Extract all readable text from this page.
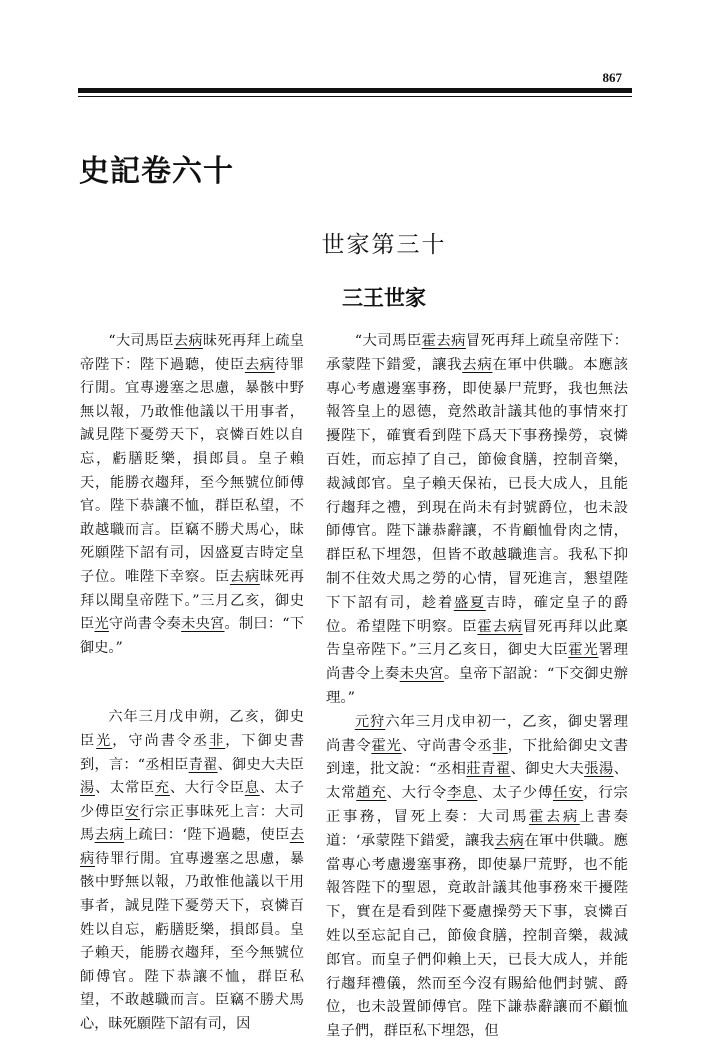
867
史記卷六十
世家第三十
三王世家

“大司馬臣去病昧死再拜上疏皇帝陛下：陛下過聽，使臣去病待罪行閒。宜專邊塞之思慮，暴骸中野無以報，乃敢惟他議以干用事者，誠見陛下憂勞天下，哀憐百姓以自忘，虧膳貶樂，損郎員。皇子賴天，能勝衣趨拜，至今無號位師傅官。陛下恭讓不恤，群臣私望，不敢越職而言。臣竊不勝犬馬心，昧死願陛下詔有司，因盛夏吉時定皇子位。唯陛下幸察。臣去病昧死再拜以聞皇帝陛下。”三月乙亥，御史臣光守尚書令奏未央宮。制曰：“下御史。”

六年三月戊申朔，乙亥，御史臣光，守尚書令丞非，下御史書到，言：“丞相臣青翟、御史大夫臣湯、太常臣充、大行令臣息、太子少傅臣安行宗正事昧死上言：大司馬去病上疏曰：‘陛下過聽，使臣去病待罪行閒。宜專邊塞之思慮，暴骸中野無以報，乃敢惟他議以干用事者，誠見陛下憂勞天下，哀憐百姓以自忘，虧膳貶樂，損郎員。皇子賴天，能勝衣趨拜，至今無號位師傅官。陛下恭讓不恤，群臣私望，不敢越職而言。臣竊不勝犬馬心，昧死願陛下詔有司，因

“大司馬臣霍去病冒死再拜上疏皇帝陛下：承蒙陛下錯愛，讓我去病在軍中供職。本應該專心考慮邊塞事務，即使暴尸荒野，我也無法報答皇上的恩德，竟然敢計議其他的事情來打擾陛下，確實看到陛下爲天下事務操勞，哀憐百姓，而忘掉了自己，節儉食膳，控制音樂，裁減郎官。皇子賴天保祐，已長大成人，且能行趨拜之禮，到現在尚未有封號爵位，也未設師傅官。陛下謙恭辭讓，不肯顧恤骨肉之情，群臣私下埋怨，但皆不敢越職進言。我私下抑制不住效犬馬之勞的心情，冒死進言，懇望陛下下詔有司，趁着盛夏吉時，確定皇子的爵位。希望陛下明察。臣霍去病冒死再拜以此稟告皇帝陛下。”三月乙亥日，御史大臣霍光署理尚書令上奏未央宮。皇帝下詔說：“下交御史辦理。”

元狩六年三月戊申初一，乙亥，御史署理尚書令霍光、守尚書令丞非，下批給御史文書到達，批文說：“丞相莊青翟、御史大夫張湯、太常趙充、大行令李息、太子少傅任安，行宗正事務，冒死上奏：大司馬霍去病上書奏道：‘承蒙陛下錯愛，讓我去病在軍中供職。應當專心考慮邊塞事務，即使暴尸荒野，也不能報答陛下的聖恩，竟敢計議其他事務來干擾陛下，實在是看到陛下憂慮操勞天下事，哀憐百姓以至忘記自己，節儉食膳，控制音樂，裁減郎官。而皇子們仰賴上天，已長大成人，并能行趨拜禮儀，然而至今沒有賜給他們封號、爵位，也未設置師傅官。陛下謙恭辭讓而不顧恤皇子們，群臣私下埋怨，但
